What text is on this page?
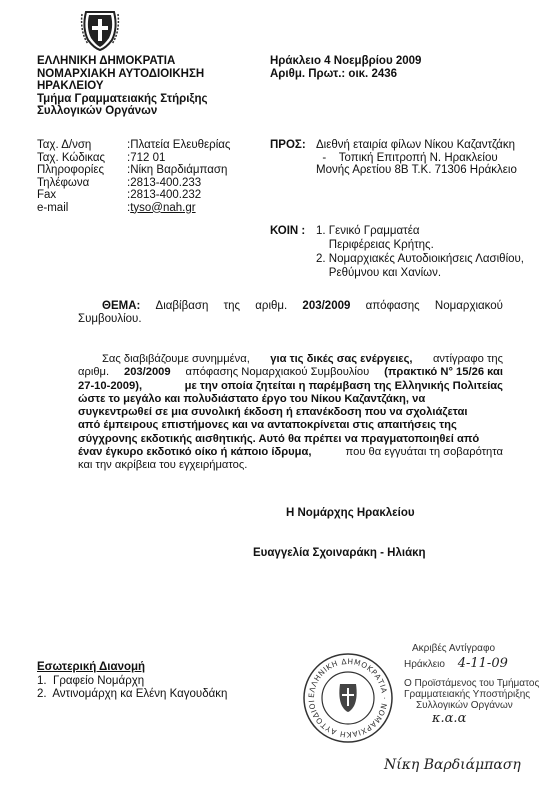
ΕΛΛΗΝΙΚΗ ΔΗΜΟΚΡΑΤΙΑ
ΝΟΜΑΡΧΙΑΚΗ ΑΥΤΟΔΙΟΙΚΗΣΗ
ΗΡΑΚΛΕΙΟΥ
Τμήμα Γραμματειακής Στήριξης
Συλλογικών Οργάνων
Ηράκλειο 4 Νοεμβρίου 2009
Αριθμ. Πρωτ.: οικ. 2436
Ταχ. Δ/νση	:Πλατεία Ελευθερίας
Ταχ. Κώδικας	:712 01
Πληροφορίες	:Νίκη Βαρδιάμπαση
Τηλέφωνα	:2813-400.233
Fax	:2813-400.232
e-mail	: tyso@nah.gr
ΠΡΟΣ: Διεθνή εταιρία φίλων Νίκου Καζαντζάκη
-    Τοπική Επιτροπή Ν. Ηρακλείου
Μονής Αρετίου 8Β Τ.Κ. 71306 Ηράκλειο
ΚΟΙΝ : 1. Γενικό Γραμματέα
Περιφέρειας Κρήτης.
2. Νομαρχιακές Αυτοδιοικήσεις Λασιθίου,
Ρεθύμνου και Χανίων.
ΘΕΜΑ: Διαβίβαση της αριθμ. 203/2009 απόφασης Νομαρχιακού
Συμβουλίου.
Σας διαβιβάζουμε συνημμένα, για τις δικές σας ενέργειες, αντίγραφο της
αριθμ. 203/2009 απόφασης Νομαρχιακού Συμβουλίου (πρακτικό Ν° 15/26 και
27-10-2009),	με την οποία ζητείται η παρέμβαση της Ελληνικής Πολιτείας
ώστε το μεγάλο και πολυδιάστατο έργο του Νίκου Καζαντζάκη, να
συγκεντρωθεί σε μια συνολική έκδοση ή επανέκδοση που να σχολιάζεται
από έμπειρους επιστήμονες και να ανταποκρίνεται στις απαιτήσεις της
σύγχρονης εκδοτικής αισθητικής. Αυτό θα πρέπει να πραγματοποιηθεί από
έναν έγκυρο εκδοτικό οίκο ή κάποιο ίδρυμα,	που θα εγγυάται τη σοβαρότητα
και την ακρίβεια του εγχειρήματος.
Η Νομάρχης Ηρακλείου
Ευαγγελία Σχοιναράκη - Ηλιάκη
Ακριβές Αντίγραφο
Ηράκλειο 4-11-09
Ο Προϊστάμενος του Τμήματος
Γραμματειακής Υποστήριξης
Συλλογικών Οργάνων
κ.α.α
ΕΛΛΗΝΙΚΗ ΔΗΜΟΚΡΑΤΙΑ · ΝΟΜΑΡΧΙΑΚΗ ΑΥΤΟΔΙΟΙ
Εσωτερική Διανομή
1.  Γραφείο Νομάρχη
2.  Αντινομάρχη κα Ελένη Καγουδάκη
Νίκη Βαρδιάμπαση
